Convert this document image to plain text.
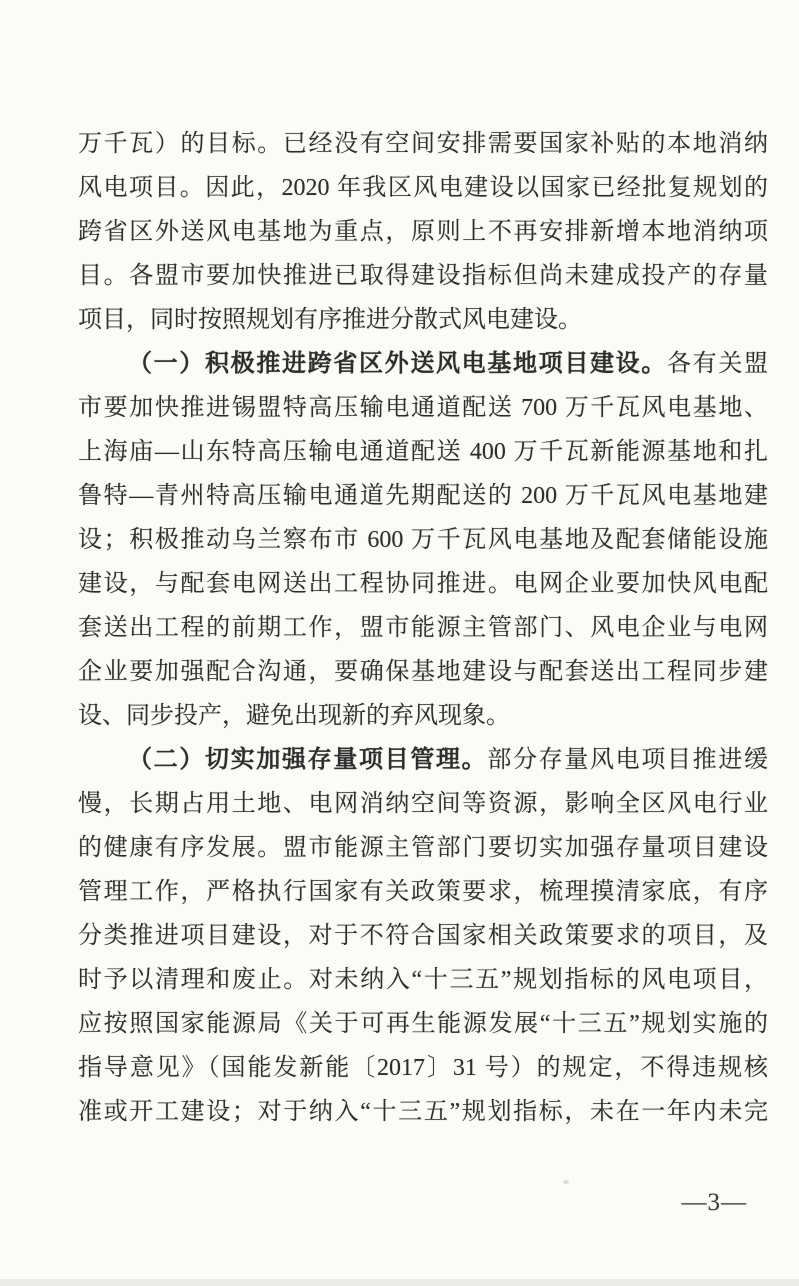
万千瓦）的目标。已经没有空间安排需要国家补贴的本地消纳
风电项目。因此，2020 年我区风电建设以国家已经批复规划的
跨省区外送风电基地为重点，原则上不再安排新增本地消纳项
目。各盟市要加快推进已取得建设指标但尚未建成投产的存量
项目，同时按照规划有序推进分散式风电建设。
（一）积极推进跨省区外送风电基地项目建设。各有关盟
市要加快推进锡盟特高压输电通道配送 700 万千瓦风电基地、
上海庙—山东特高压输电通道配送 400 万千瓦新能源基地和扎
鲁特—青州特高压输电通道先期配送的 200 万千瓦风电基地建
设；积极推动乌兰察布市 600 万千瓦风电基地及配套储能设施
建设，与配套电网送出工程协同推进。电网企业要加快风电配
套送出工程的前期工作，盟市能源主管部门、风电企业与电网
企业要加强配合沟通，要确保基地建设与配套送出工程同步建
设、同步投产，避免出现新的弃风现象。
（二）切实加强存量项目管理。部分存量风电项目推进缓
慢，长期占用土地、电网消纳空间等资源，影响全区风电行业
的健康有序发展。盟市能源主管部门要切实加强存量项目建设
管理工作，严格执行国家有关政策要求，梳理摸清家底，有序
分类推进项目建设，对于不符合国家相关政策要求的项目，及
时予以清理和废止。对未纳入“十三五”规划指标的风电项目，
应按照国家能源局《关于可再生能源发展“十三五”规划实施的
指导意见》（国能发新能〔2017〕31 号）的规定，不得违规核
准或开工建设；对于纳入“十三五”规划指标，未在一年内未完
—3—
